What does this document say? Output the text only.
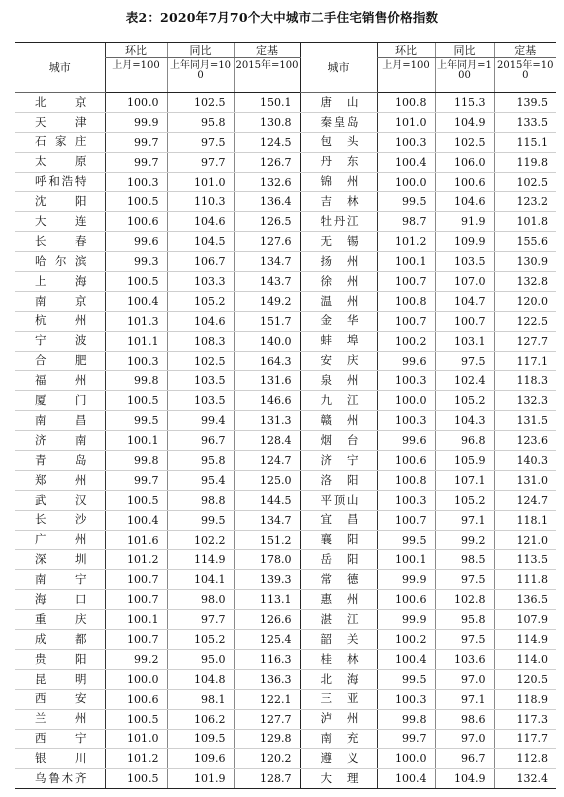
表2：2020年7月70个大中城市二手住宅销售价格指数
城市	环比	同比	定基	城市	环比	同比	定基
	上月=100	上年同月=100	2015年=100		上月=100	上年同月=100	2015年=100
北　京	100.0	102.5	150.1	唐　山	100.8	115.3	139.5
天　津	99.9	95.8	130.8	秦皇岛	101.0	104.9	133.5
石家庄	99.7	97.5	124.5	包　头	100.3	102.5	115.1
太　原	99.7	97.7	126.7	丹　东	100.4	106.0	119.8
呼和浩特	100.3	101.0	132.6	锦　州	100.0	100.6	102.5
沈　阳	100.5	110.3	136.4	吉　林	99.5	104.6	123.2
大　连	100.6	104.6	126.5	牡丹江	98.7	91.9	101.8
长　春	99.6	104.5	127.6	无　锡	101.2	109.9	155.6
哈尔滨	99.3	106.7	134.7	扬　州	100.1	103.5	130.9
上　海	100.5	103.3	143.7	徐　州	100.7	107.0	132.8
南　京	100.4	105.2	149.2	温　州	100.8	104.7	120.0
杭　州	101.3	104.6	151.7	金　华	100.7	100.7	122.5
宁　波	101.1	108.3	140.0	蚌　埠	100.2	103.1	127.7
合　肥	100.3	102.5	164.3	安　庆	99.6	97.5	117.1
福　州	99.8	103.5	131.6	泉　州	100.3	102.4	118.3
厦　门	100.5	103.5	146.6	九　江	100.0	105.2	132.3
南　昌	99.5	99.4	131.3	赣　州	100.3	104.3	131.5
济　南	100.1	96.7	128.4	烟　台	99.6	96.8	123.6
青　岛	99.8	95.8	124.7	济　宁	100.6	105.9	140.3
郑　州	99.7	95.4	125.0	洛　阳	100.8	107.1	131.0
武　汉	100.5	98.8	144.5	平顶山	100.3	105.2	124.7
长　沙	100.4	99.5	134.7	宜　昌	100.7	97.1	118.1
广　州	101.6	102.2	151.2	襄　阳	99.5	99.2	121.0
深　圳	101.2	114.9	178.0	岳　阳	100.1	98.5	113.5
南　宁	100.7	104.1	139.3	常　德	99.9	97.5	111.8
海　口	100.7	98.0	113.1	惠　州	100.6	102.8	136.5
重　庆	100.1	97.7	126.6	湛　江	99.9	95.8	107.9
成　都	100.7	105.2	125.4	韶　关	100.2	97.5	114.9
贵　阳	99.2	95.0	116.3	桂　林	100.4	103.6	114.0
昆　明	100.0	104.8	136.3	北　海	99.5	97.0	120.5
西　安	100.6	98.1	122.1	三　亚	100.3	97.1	118.9
兰　州	100.5	106.2	127.7	泸　州	99.8	98.6	117.3
西　宁	101.0	109.5	129.8	南　充	99.7	97.0	117.7
银　川	101.2	109.6	120.2	遵　义	100.0	96.7	112.8
乌鲁木齐	100.5	101.9	128.7	大　理	100.4	104.9	132.4
